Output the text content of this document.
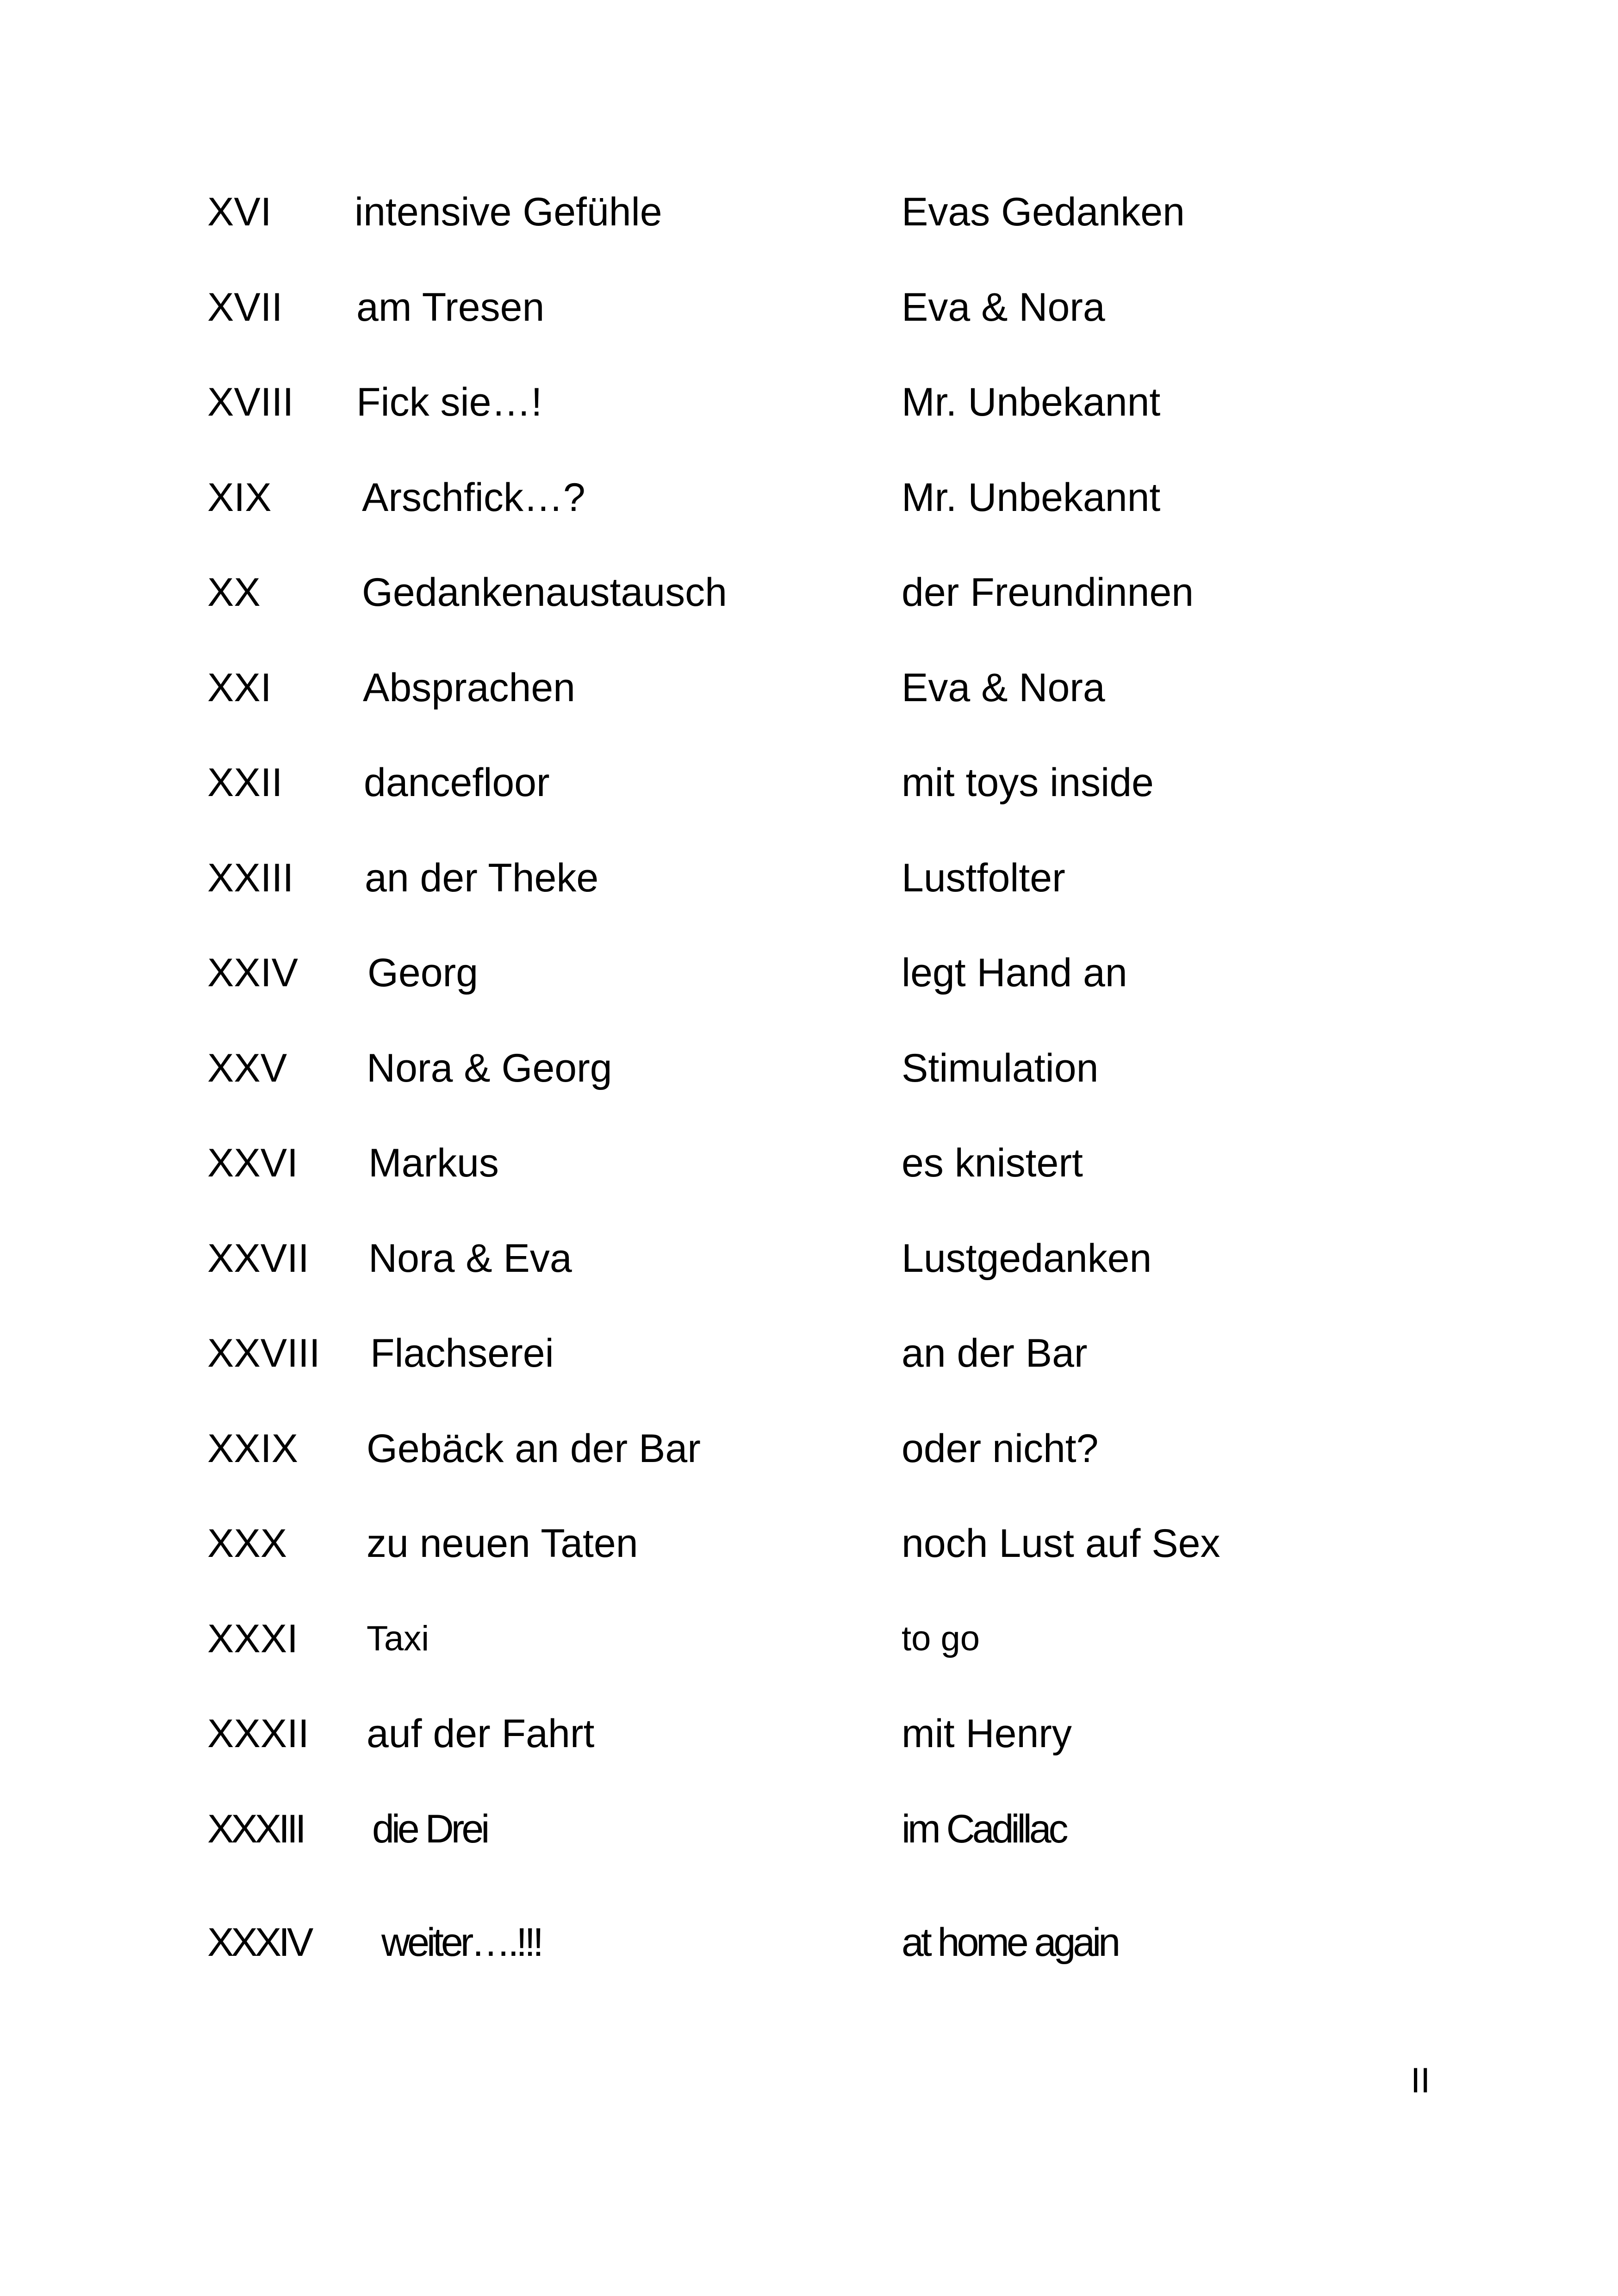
XVI intensive Gefühle	Evas Gedanken
XVII am Tresen	Eva & Nora
XVIII Fick sie…!	Mr. Unbekannt
XIX Arschfick…?	Mr. Unbekannt
XX	Gedankenaustausch	der Freundinnen
XXI Absprachen	Eva & Nora
XXII dancefloor	mit toys inside
XXIII an der Theke	Lustfolter
XXIV Georg	legt Hand an
XXV Nora & Georg	Stimulation
XXVI Markus	es knistert
XXVII Nora & Eva	Lustgedanken
XXVIII Flachserei	an der Bar
XXIX Gebäck an der Bar	oder nicht?
XXX zu neuen Taten	noch Lust auf Sex
XXXI Taxi	to go
XXXII auf der Fahrt	mit Henry
XXXIII die Drei	im Cadillac
XXXIV weiter….!!!	at home again
II
